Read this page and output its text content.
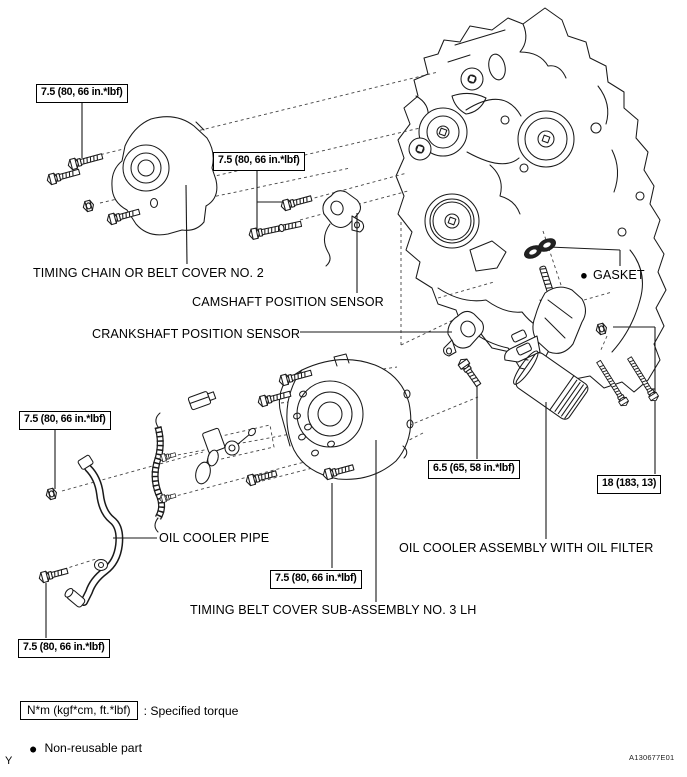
7.5 (80, 66 in.*lbf)
7.5 (80, 66 in.*lbf)
7.5 (80, 66 in.*lbf)
6.5 (65, 58 in.*lbf)
18 (183, 13)
7.5 (80, 66 in.*lbf)
7.5 (80, 66 in.*lbf)
TIMING CHAIN OR BELT COVER NO. 2
CAMSHAFT POSITION SENSOR
CRANKSHAFT POSITION SENSOR
● GASKET
OIL COOLER PIPE
OIL COOLER ASSEMBLY WITH OIL FILTER
TIMING BELT COVER SUB-ASSEMBLY NO. 3 LH
N*m (kgf*cm, ft.*lbf)	: Specified torque
● Non-reusable part
A130677E01
Y
